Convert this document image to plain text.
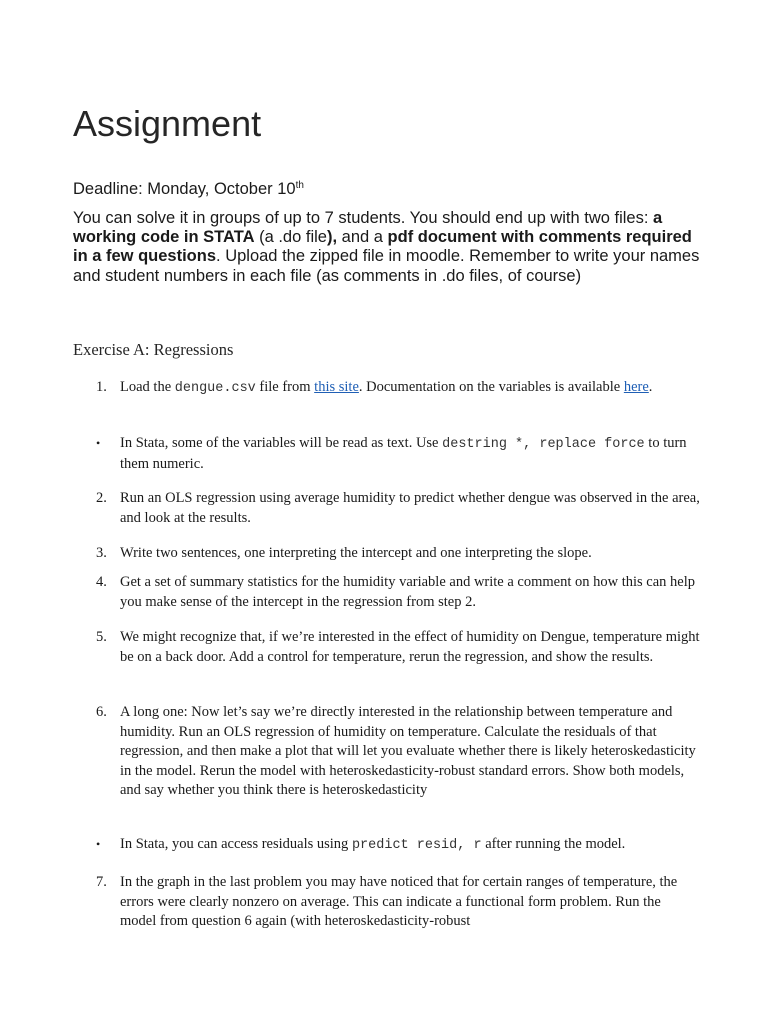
Assignment
Deadline: Monday, October 10th
You can solve it in groups of up to 7 students. You should end up with two files: a working code in STATA (a .do file), and a pdf document with comments required in a few questions. Upload the zipped file in moodle. Remember to write your names and student numbers in each file (as comments in .do files, of course)
Exercise A: Regressions
1. Load the dengue.csv file from this site. Documentation on the variables is available here.
• In Stata, some of the variables will be read as text. Use destring *, replace force to turn them numeric.
2. Run an OLS regression using average humidity to predict whether dengue was observed in the area, and look at the results.
3. Write two sentences, one interpreting the intercept and one interpreting the slope.
4. Get a set of summary statistics for the humidity variable and write a comment on how this can help you make sense of the intercept in the regression from step 2.
5. We might recognize that, if we’re interested in the effect of humidity on Dengue, temperature might be on a back door. Add a control for temperature, rerun the regression, and show the results.
6. A long one: Now let’s say we’re directly interested in the relationship between temperature and humidity. Run an OLS regression of humidity on temperature. Calculate the residuals of that regression, and then make a plot that will let you evaluate whether there is likely heteroskedasticity in the model. Rerun the model with heteroskedasticity-robust standard errors. Show both models, and say whether you think there is heteroskedasticity
• In Stata, you can access residuals using predict resid, r after running the model.
7. In the graph in the last problem you may have noticed that for certain ranges of temperature, the errors were clearly nonzero on average. This can indicate a functional form problem. Run the model from question 6 again (with heteroskedasticity-robust
